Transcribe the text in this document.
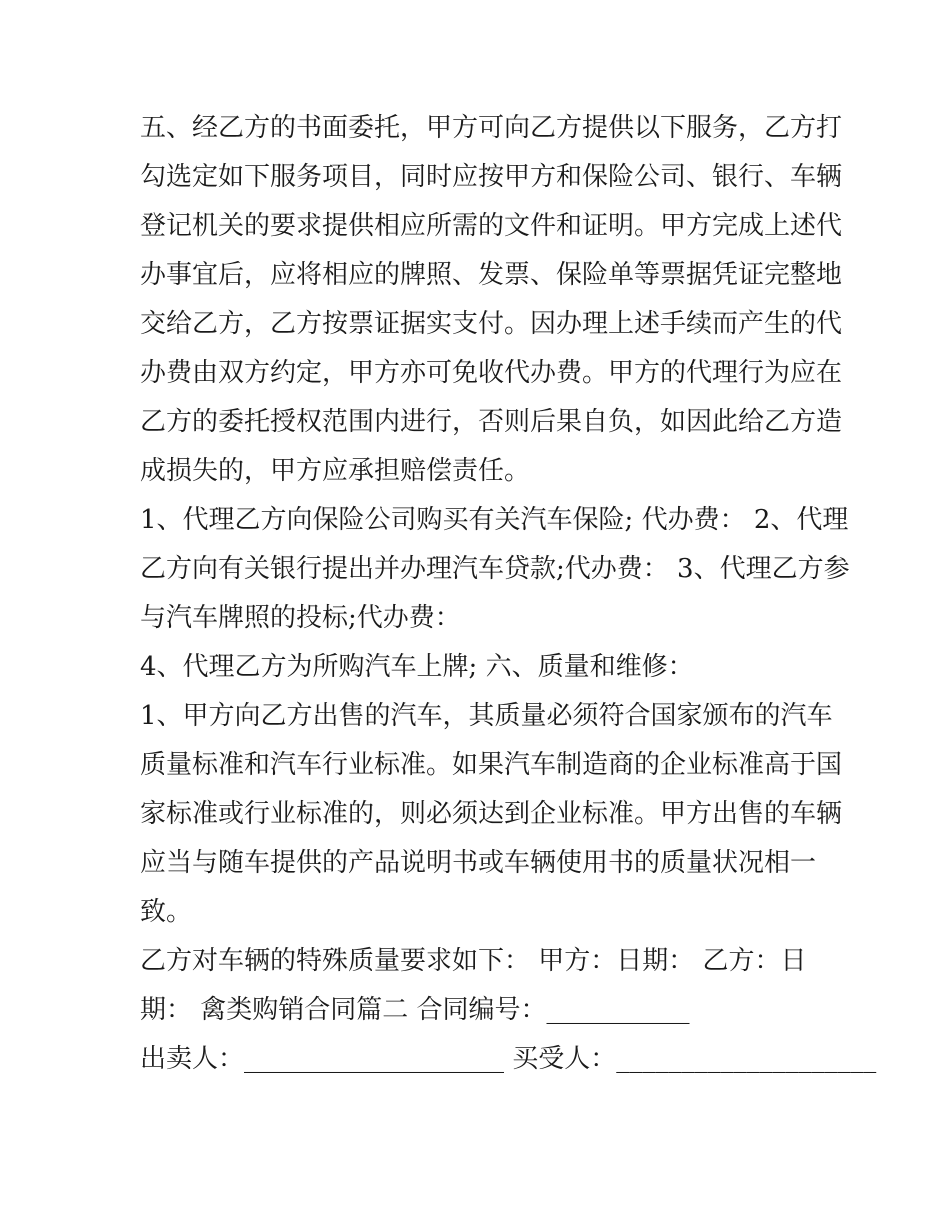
五、经乙方的书面委托，甲方可向乙方提供以下服务，乙方打
勾选定如下服务项目，同时应按甲方和保险公司、银行、车辆
登记机关的要求提供相应所需的文件和证明。甲方完成上述代
办事宜后，应将相应的牌照、发票、保险单等票据凭证完整地
交给乙方，乙方按票证据实支付。因办理上述手续而产生的代
办费由双方约定，甲方亦可免收代办费。甲方的代理行为应在
乙方的委托授权范围内进行，否则后果自负，如因此给乙方造
成损失的，甲方应承担赔偿责任。
1、代理乙方向保险公司购买有关汽车保险; 代办费： 2、代理
乙方向有关银行提出并办理汽车贷款;代办费： 3、代理乙方参
与汽车牌照的投标;代办费：
4、代理乙方为所购汽车上牌; 六、质量和维修：
1、甲方向乙方出售的汽车，其质量必须符合国家颁布的汽车
质量标准和汽车行业标准。如果汽车制造商的企业标准高于国
家标准或行业标准的，则必须达到企业标准。甲方出售的车辆
应当与随车提供的产品说明书或车辆使用书的质量状况相一
致。
乙方对车辆的特殊质量要求如下： 甲方：日期： 乙方：日
期： 禽类购销合同篇二 合同编号：___________
出卖人：____________________ 买受人：____________________
